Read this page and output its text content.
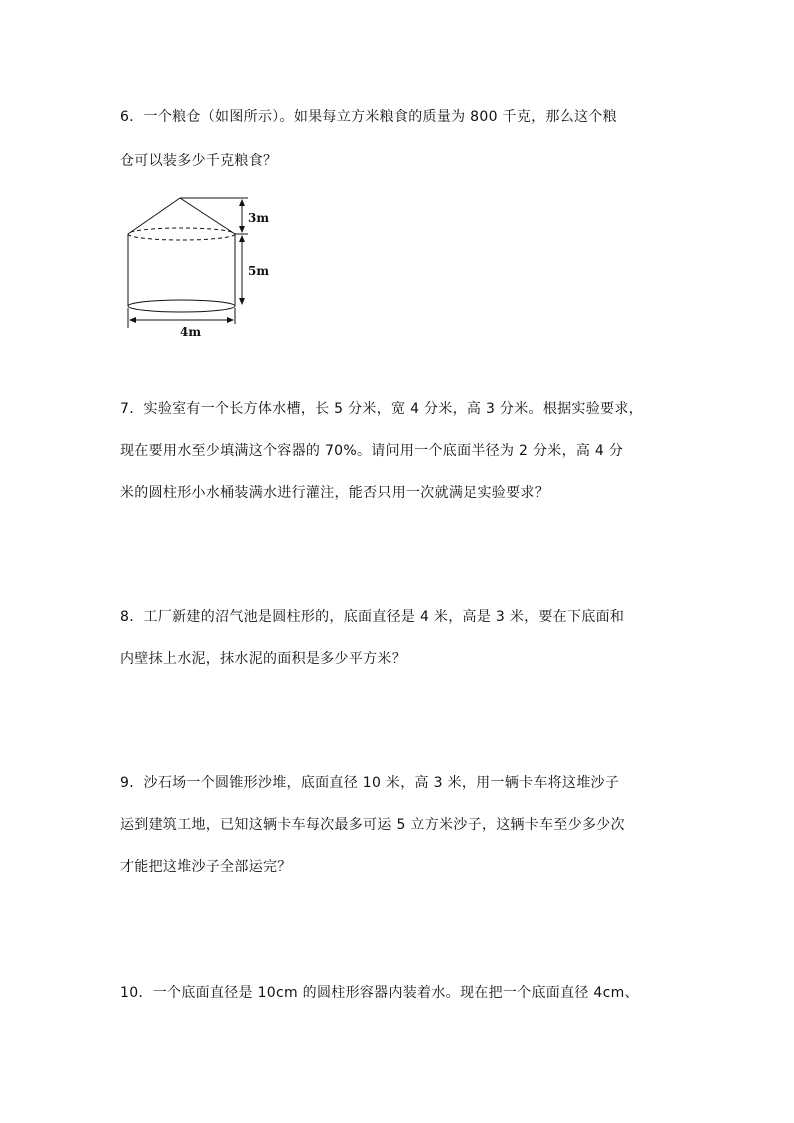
6．一个粮仓（如图所示）。如果每立方米粮食的质量为 800 千克，那么这个粮
仓可以装多少千克粮食？
3m
5m
4m
7．实验室有一个长方体水槽，长 5 分米，宽 4 分米，高 3 分米。根据实验要求，
现在要用水至少填满这个容器的 70%。请问用一个底面半径为 2 分米，高 4 分
米的圆柱形小水桶装满水进行灌注，能否只用一次就满足实验要求？
8．工厂新建的沼气池是圆柱形的，底面直径是 4 米，高是 3 米，要在下底面和
内壁抹上水泥，抹水泥的面积是多少平方米？
9．沙石场一个圆锥形沙堆，底面直径 10 米，高 3 米，用一辆卡车将这堆沙子
运到建筑工地，已知这辆卡车每次最多可运 5 立方米沙子，这辆卡车至少多少次
才能把这堆沙子全部运完？
10．一个底面直径是 10cm 的圆柱形容器内装着水。现在把一个底面直径 4cm、
